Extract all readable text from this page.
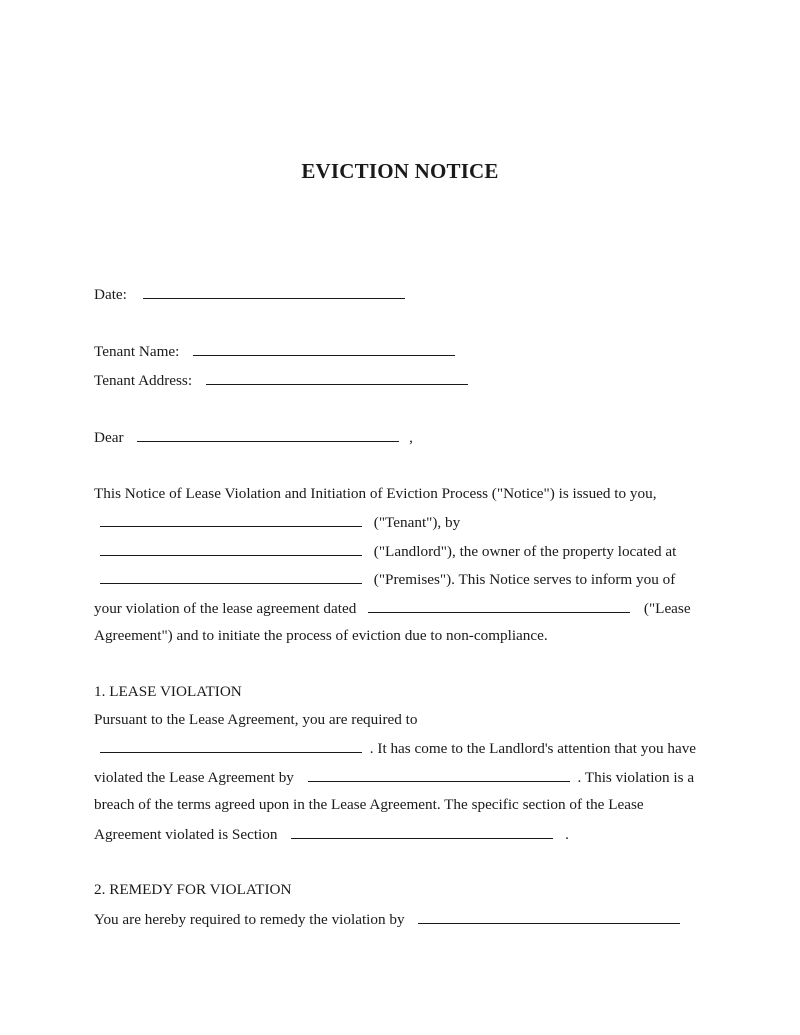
EVICTION NOTICE
Date:
Tenant Name:
Tenant Address:
Dear	,
This Notice of Lease Violation and Initiation of Eviction Process ("Notice") is issued to you,
("Tenant"), by
("Landlord"), the owner of the property located at
("Premises"). This Notice serves to inform you of
your violation of the lease agreement dated	("Lease
Agreement") and to initiate the process of eviction due to non-compliance.
1. LEASE VIOLATION
Pursuant to the Lease Agreement, you are required to
. It has come to the Landlord's attention that you have
violated the Lease Agreement by	. This violation is a
breach of the terms agreed upon in the Lease Agreement. The specific section of the Lease
Agreement violated is Section	.
2. REMEDY FOR VIOLATION
You are hereby required to remedy the violation by
